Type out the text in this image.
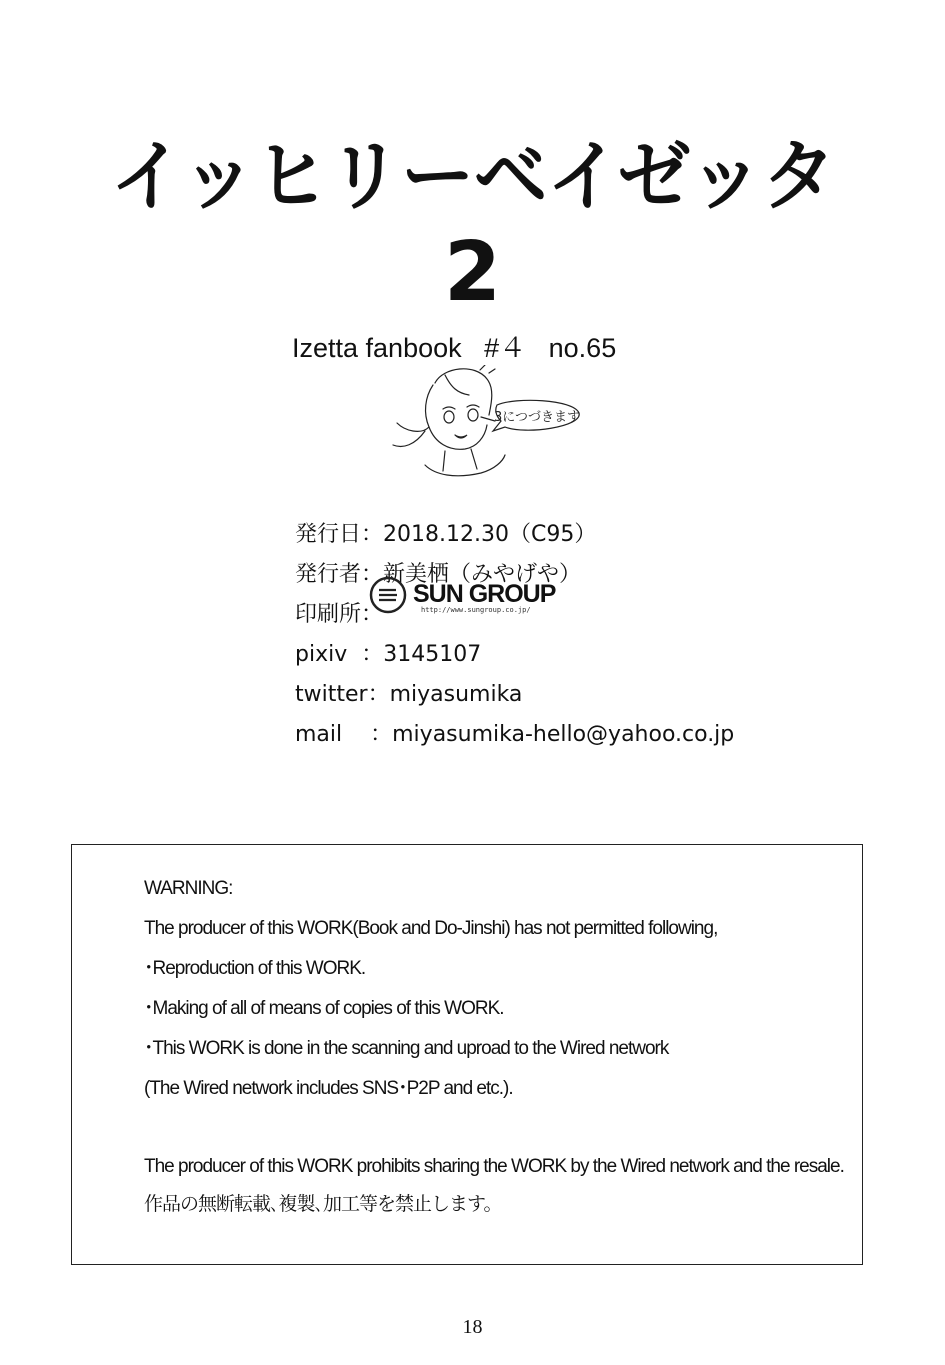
イッヒリーベイゼッタ
2
Izetta fanbook   #４   no.65
3につづきます

発行日：2018.12.30（C95）

発行者：新美栖（みやげや）

印刷所：

SUN GROUP
http://www.sungroup.co.jp/

pixiv  ：3145107

twitter：miyasumika

mail    ：miyasumika-hello@yahoo.co.jp

WARNING:
The producer of this WORK(Book and Do-Jinshi) has not permitted following,
･Reproduction of this WORK.
･Making of all of means of copies of this WORK.
･This WORK is done in the scanning and uproad to the Wired network
(The Wired network includes SNS･P2P and etc.).
The producer of this WORK prohibits sharing the WORK by the Wired network and the resale.
作品の無断転載､複製､加工等を禁止します。
18
